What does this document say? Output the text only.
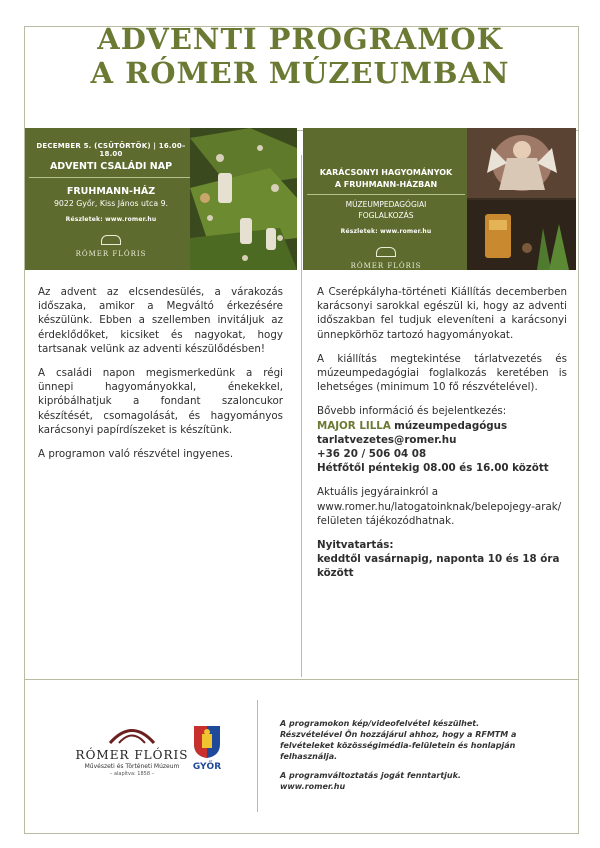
ADVENTI PROGRAMOK
A RÓMER MÚZEUMBAN
DECEMBER 5. (CSÜTÖRTÖK) | 16.00–18.00
ADVENTI CSALÁDI NAP
FRUHMANN-HÁZ
9022 Győr, Kiss János utca 9.
Részletek: www.romer.hu
RÓMER FLÓRIS
KARÁCSONYI HAGYOMÁNYOK
A FRUHMANN-HÁZBAN
MÚZEUMPEDAGÓGIAI
FOGLALKOZÁS
Részletek: www.romer.hu
RÓMER FLÓRIS

Az advent az elcsendesülés, a várakozás időszaka, amikor a Megváltó érkezésére készülünk. Ebben a szellemben invitáljuk az érdeklődőket, kicsiket és nagyokat, hogy tartsanak velünk az adventi készülődésben!

A családi napon megismerkedünk a régi ünnepi hagyományokkal, énekekkel, kipróbálhatjuk a fondant szaloncukor készítését, csomagolását, és hagyományos karácsonyi papírdíszeket is készítünk.

A programon való részvétel ingyenes.

A Cserépkályha-történeti Kiállítás decemberben karácsonyi sarokkal egészül ki, hogy az adventi időszakban fel tudjuk eleveníteni a karácsonyi ünnepkörhöz tartozó hagyományokat.

A kiállítás megtekintése tárlatvezetés és múzeumpedagógiai foglalkozás keretében is lehetséges (minimum 10 fő részvételével).

Bővebb információ és bejelentkezés:
MAJOR LILLA múzeumpedagógus
tarlatvezetes@romer.hu
+36 20 / 506 04 08
Hétfőtől péntekig 08.00 és 16.00 között

Aktuális jegyárainkról a
www.romer.hu/latogatoinknak/belepojegy-arak/
felületen tájékozódhatnak.

Nyitvatartás:
keddtől vasárnapig, naponta 10 és 18 óra között

RÓMER FLÓRIS
Művészeti és Történeti Múzeum
– alapítva: 1858 –
GYŐR

A programokon kép/videofelvétel készülhet.
Részvételével Ön hozzájárul ahhoz, hogy a RFMTM a felvételeket közösségimédia-felületein és honlapján felhasználja.

A programváltoztatás jogát fenntartjuk.
www.romer.hu
